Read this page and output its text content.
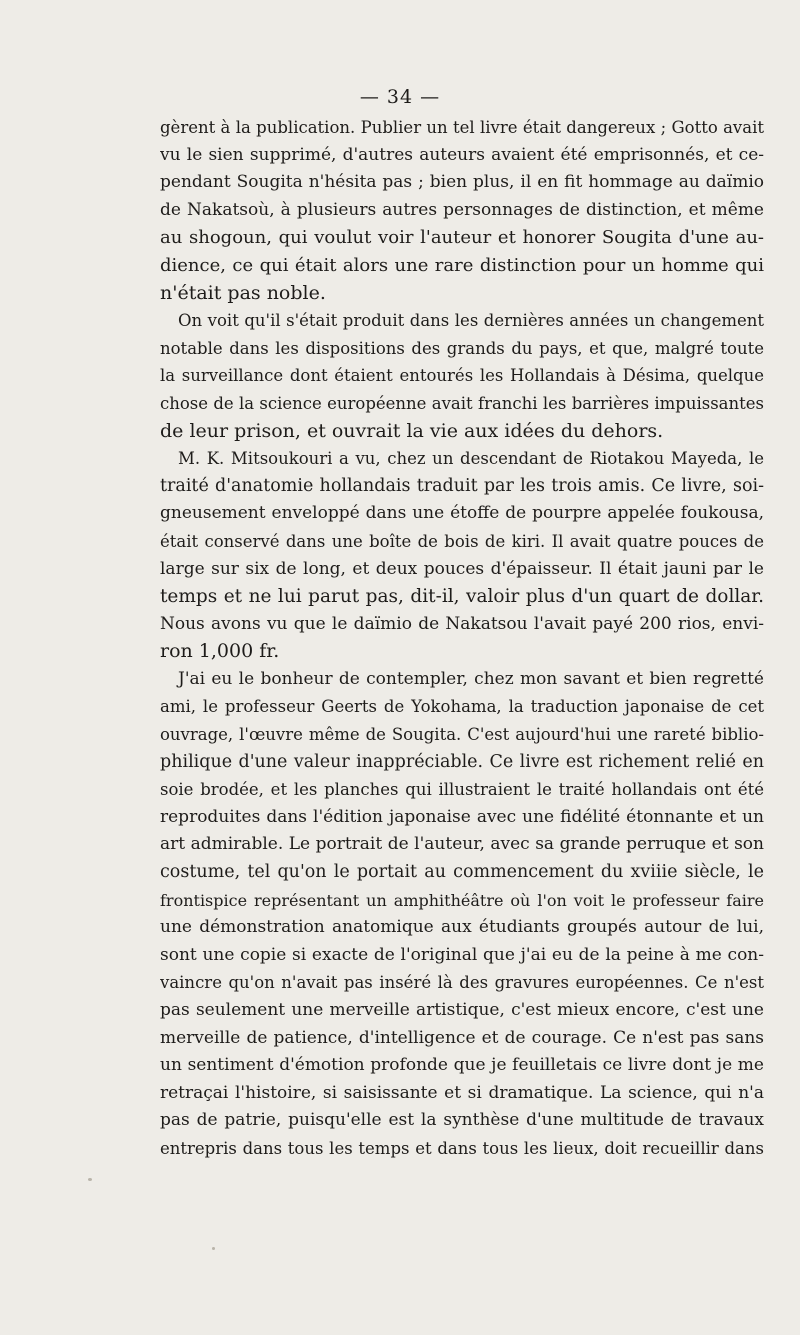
— 34 —
gèrent à la publication. Publier un tel livre était dangereux ; Gotto avait
vu le sien supprimé, d'autres auteurs avaient été emprisonnés, et ce-
pendant Sougita n'hésita pas ; bien plus, il en fit hommage au daïmio
de Nakatsoù, à plusieurs autres personnages de distinction, et même
au shogoun, qui voulut voir l'auteur et honorer Sougita d'une au-
dience, ce qui était alors une rare distinction pour un homme qui
n'était pas noble.
On voit qu'il s'était produit dans les dernières années un changement
notable dans les dispositions des grands du pays, et que, malgré toute
la surveillance dont étaient entourés les Hollandais à Désima, quelque
chose de la science européenne avait franchi les barrières impuissantes
de leur prison, et ouvrait la vie aux idées du dehors.
M. K. Mitsoukouri a vu, chez un descendant de Riotakou Mayeda, le
traité d'anatomie hollandais traduit par les trois amis. Ce livre, soi-
gneusement enveloppé dans une étoffe de pourpre appelée foukousa,
était conservé dans une boîte de bois de kiri. Il avait quatre pouces de
large sur six de long, et deux pouces d'épaisseur. Il était jauni par le
temps et ne lui parut pas, dit-il, valoir plus d'un quart de dollar.
Nous avons vu que le daïmio de Nakatsou l'avait payé 200 rios, envi-
ron 1,000 fr.
J'ai eu le bonheur de contempler, chez mon savant et bien regretté
ami, le professeur Geerts de Yokohama, la traduction japonaise de cet
ouvrage, l'œuvre même de Sougita. C'est aujourd'hui une rareté biblio-
philique d'une valeur inappréciable. Ce livre est richement relié en
soie brodée, et les planches qui illustraient le traité hollandais ont été
reproduites dans l'édition japonaise avec une fidélité étonnante et un
art admirable. Le portrait de l'auteur, avec sa grande perruque et son
costume, tel qu'on le portait au commencement du xviiie siècle, le
frontispice représentant un amphithéâtre où l'on voit le professeur faire
une démonstration anatomique aux étudiants groupés autour de lui,
sont une copie si exacte de l'original que j'ai eu de la peine à me con-
vaincre qu'on n'avait pas inséré là des gravures européennes. Ce n'est
pas seulement une merveille artistique, c'est mieux encore, c'est une
merveille de patience, d'intelligence et de courage. Ce n'est pas sans
un sentiment d'émotion profonde que je feuilletais ce livre dont je me
retraçai l'histoire, si saisissante et si dramatique. La science, qui n'a
pas de patrie, puisqu'elle est la synthèse d'une multitude de travaux
entrepris dans tous les temps et dans tous les lieux, doit recueillir dans
